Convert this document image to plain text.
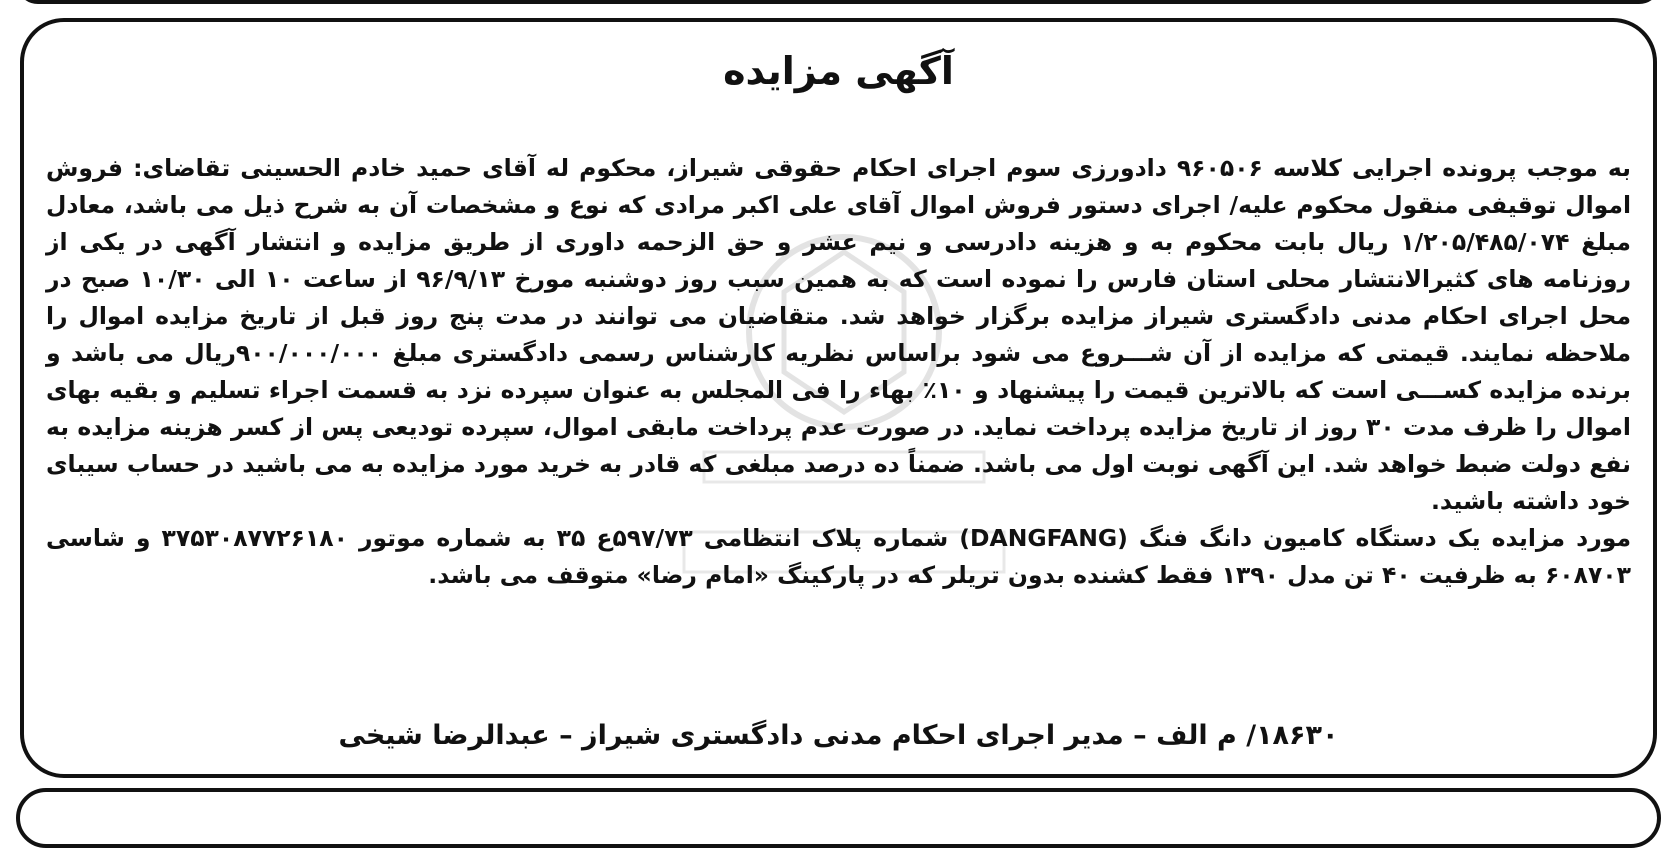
آگهی مزایده

به موجب پرونده اجرایی کلاسه ۹۶۰۵۰۶ دادورزی سوم اجرای احکام حقوقی شیراز، محکوم له آقای حمید خادم الحسینی تقاضای: فروش اموال توقیفی منقول محکوم علیه/ اجرای دستور فروش اموال آقای علی اکبر مرادی که نوع و مشخصات آن به شرح ذیل می باشد، معادل مبلغ ۱/۲۰۵/۴۸۵/۰۷۴ ریال بابت محکوم به و هزینه دادرسی و نیم عشر و حق الزحمه داوری از طریق مزایده و انتشار آگهی در یکی از روزنامه های کثیرالانتشار محلی استان فارس را نموده است که به همین سبب روز دوشنبه مورخ ۹۶/۹/۱۳ از ساعت ۱۰ الی ۱۰/۳۰ صبح در محل اجرای احکام مدنی دادگستری شیراز مزایده برگزار خواهد شد. متقاضیان می توانند در مدت پنج روز قبل از تاریخ مزایده اموال را ملاحظه نمایند. قیمتی که مزایده از آن شـــروع می شود براساس نظریه کارشناس رسمی دادگستری مبلغ ۹۰۰/۰۰۰/۰۰۰ریال می باشد و برنده مزایده کســـی است که بالاترین قیمت را پیشنهاد و ۱۰٪ بهاء را فی المجلس به عنوان سپرده نزد به قسمت اجراء تسلیم و بقیه بهای اموال را ظرف مدت ۳۰ روز از تاریخ مزایده پرداخت نماید. در صورت عدم پرداخت مابقی اموال، سپرده تودیعی پس از کسر هزینه مزایده به نفع دولت ضبط خواهد شد. این آگهی نوبت اول می باشد. ضمناً ده درصد مبلغی که قادر به خرید مورد مزایده به می باشید در حساب سیبای خود داشته باشید.

مورد مزایده یک دستگاه کامیون دانگ فنگ (DANGFANG) شماره پلاک انتظامی ۵۹۷/۷۳ع ۳۵ به شماره موتور ۳۷۵۳۰۸۷۷۲۶۱۸۰ و شاسی ۶۰۸۷۰۳ به ظرفیت ۴۰ تن مدل ۱۳۹۰ فقط کشنده بدون تریلر که در پارکینگ «امام رضا» متوقف می باشد.

۱۸۶۳۰/ م الف – مدیر اجرای احکام مدنی دادگستری شیراز – عبدالرضا شیخی
